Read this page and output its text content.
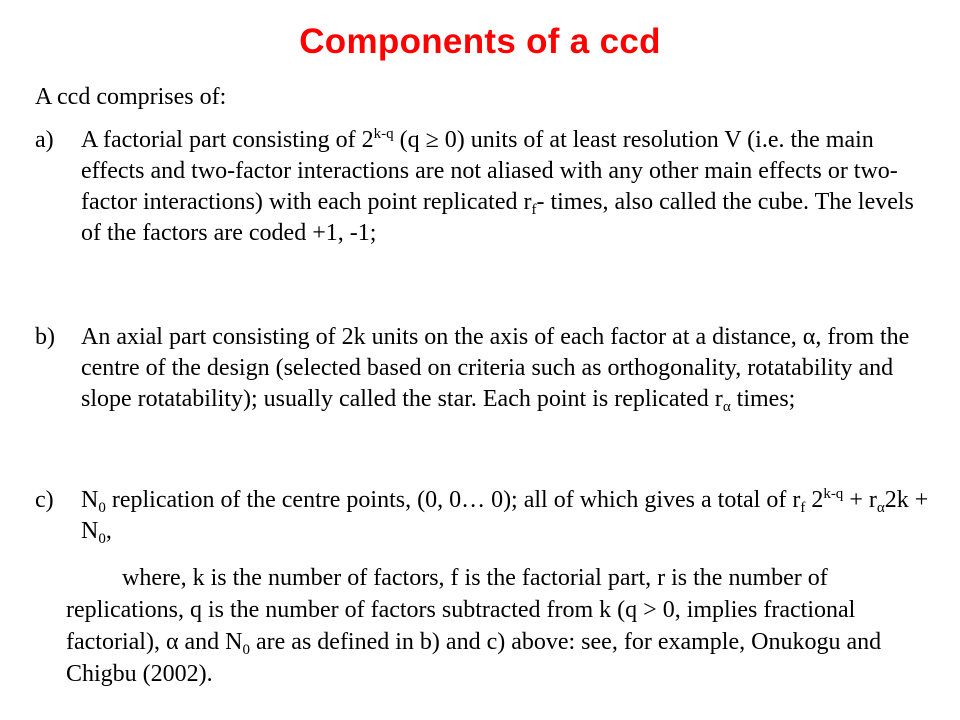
Components of a ccd
A ccd comprises of:
a)	A factorial part consisting of 2$^{k-q}$ (q ≥ 0) units of at least resolution V (i.e. the main effects and two-factor interactions are not aliased with any other main effects or two-factor interactions) with each point replicated $r_f-$ times, also called the cube. The levels of the factors are coded +1, -1;
b)	An axial part consisting of 2k units on the axis of each factor at a distance, α, from the centre of the design (selected based on criteria such as orthogonality, rotatability and slope rotatability); usually called the star. Each point is replicated $r_\alpha$ times;
c)	$N_0$ replication of the centre points, (0, 0… 0); all of which gives a total of $r_f$ $2^{k-q} + r_\alpha 2k + N_0$,
where, k is the number of factors, f is the factorial part, r is the number of replications, q is the number of factors subtracted from k (q > 0, implies fractional factorial), α and $N_0$ are as defined in b) and c) above: see, for example, Onukogu and Chigbu (2002).
